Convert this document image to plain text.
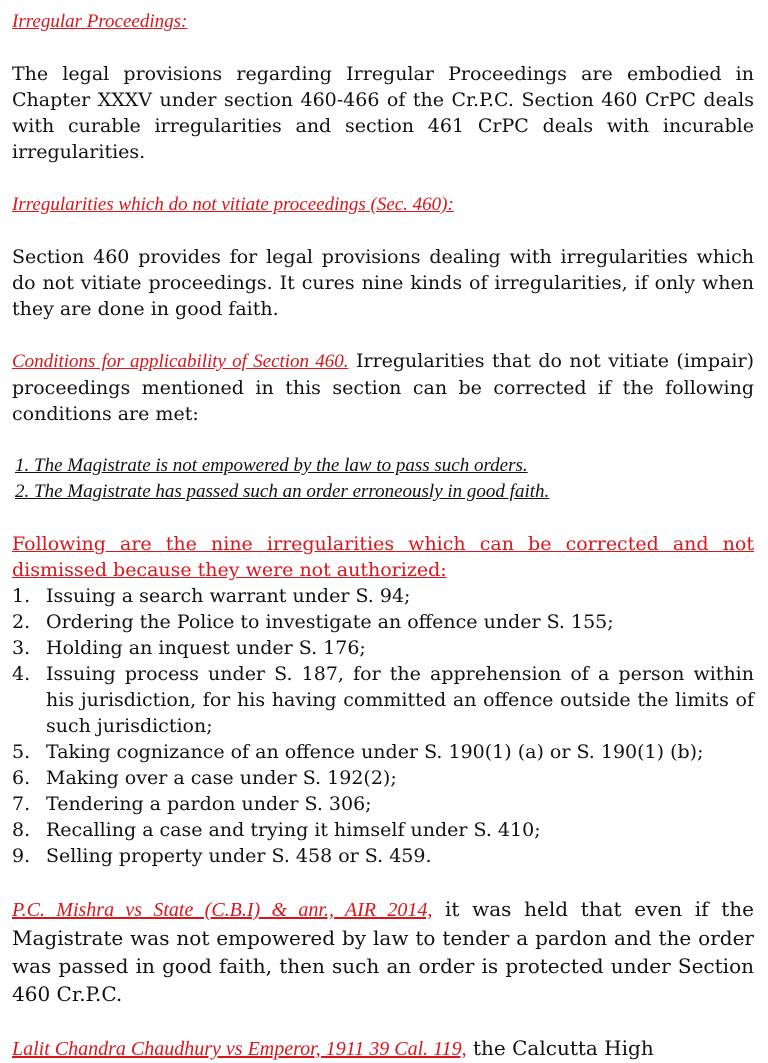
Irregular Proceedings:

The legal provisions regarding Irregular Proceedings are embodied in Chapter XXXV under section 460-466 of the Cr.P.C. Section 460 CrPC deals with curable irregularities and section 461 CrPC deals with incurable irregularities.

Irregularities which do not vitiate proceedings (Sec. 460):

Section 460 provides for legal provisions dealing with irregularities which do not vitiate proceedings. It cures nine kinds of irregularities, if only when they are done in good faith.

Conditions for applicability of Section 460. Irregularities that do not vitiate (impair) proceedings mentioned in this section can be corrected if the following conditions are met:

1. The Magistrate is not empowered by the law to pass such orders.

2. The Magistrate has passed such an order erroneously in good faith.

Following are the nine irregularities which can be corrected and not

dismissed because they were not authorized:

1. Issuing a search warrant under S. 94;
2. Ordering the Police to investigate an offence under S. 155;
3. Holding an inquest under S. 176;
4. Issuing process under S. 187, for the apprehension of a person within his jurisdiction, for his having committed an offence outside the limits of such jurisdiction;
5. Taking cognizance of an offence under S. 190(1) (a) or S. 190(1) (b);
6. Making over a case under S. 192(2);
7. Tendering a pardon under S. 306;
8. Recalling a case and trying it himself under S. 410;
9. Selling property under S. 458 or S. 459.

P.C. Mishra vs State (C.B.I) & anr., AIR 2014, it was held that even if the Magistrate was not empowered by law to tender a pardon and the order was passed in good faith, then such an order is protected under Section 460 Cr.P.C.

Lalit Chandra Chaudhury vs Emperor, 1911 39 Cal. 119, the Calcutta High
